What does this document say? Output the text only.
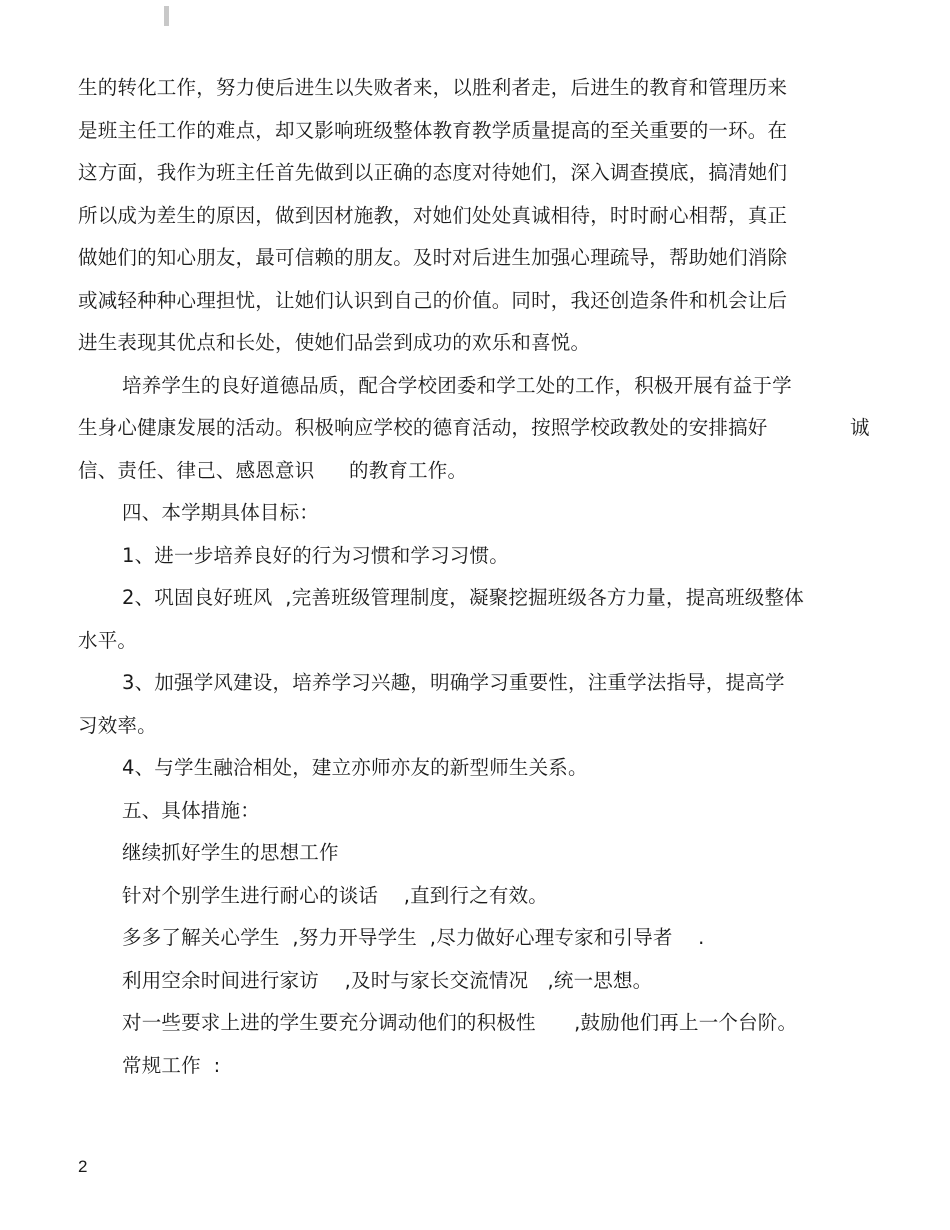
生的转化工作，努力使后进生以失败者来，以胜利者走，后进生的教育和管理历来
是班主任工作的难点，却又影响班级整体教育教学质量提高的至关重要的一环。在
这方面，我作为班主任首先做到以正确的态度对待她们，深入调查摸底，搞清她们
所以成为差生的原因，做到因材施教，对她们处处真诚相待，时时耐心相帮，真正
做她们的知心朋友，最可信赖的朋友。及时对后进生加强心理疏导，帮助她们消除
或减轻种种心理担忧，让她们认识到自己的价值。同时，我还创造条件和机会让后
进生表现其优点和长处，使她们品尝到成功的欢乐和喜悦。
培养学生的良好道德品质，配合学校团委和学工处的工作，积极开展有益于学
生身心健康发展的活动。积极响应学校的德育活动，按照学校政教处的安排搞好	诚
信、责任、律己、感恩意识 的教育工作。
四、本学期具体目标：
1、进一步培养良好的行为习惯和学习习惯。
2、巩固良好班风  ,完善班级管理制度，凝聚挖掘班级各方力量，提高班级整体
水平。
3、加强学风建设，培养学习兴趣，明确学习重要性，注重学法指导，提高学
习效率。
4、与学生融洽相处，建立亦师亦友的新型师生关系。
五、具体措施：
继续抓好学生的思想工作
针对个别学生进行耐心的谈话    ,直到行之有效。
多多了解关心学生  ,努力开导学生  ,尽力做好心理专家和引导者    .
利用空余时间进行家访    ,及时与家长交流情况   ,统一思想。
对一些要求上进的学生要充分调动他们的积极性      ,鼓励他们再上一个台阶。
常规工作  :
2
